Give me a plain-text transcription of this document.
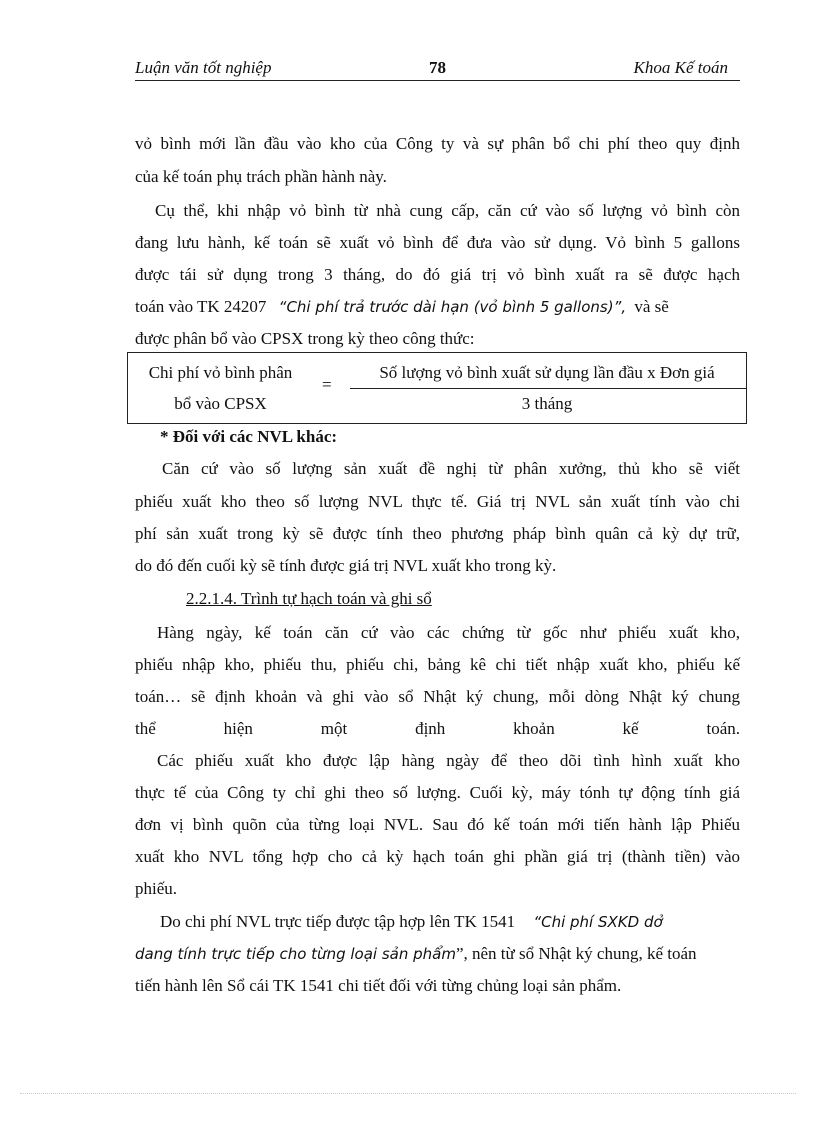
Luận văn tốt nghiệp	78	Khoa Kế toán
vỏ bình mới lần đầu vào kho của Công ty và sự phân bổ chi phí theo quy định
của kế toán phụ trách phần hành này.
Cụ thể, khi nhập vỏ bình từ nhà cung cấp, căn cứ vào số lượng vỏ bình còn
đang lưu hành, kế toán sẽ xuất vỏ bình để đưa vào sử dụng. Vỏ bình 5 gallons
được tái sử dụng trong 3 tháng, do đó giá trị vỏ bình xuất ra sẽ được hạch
toán vào TK 24207 “Chi phí trả trước dài hạn (vỏ bình 5 gallons)”, và sẽ
được phân bổ vào CPSX trong kỳ theo công thức:
Chi phí vỏ bình phân
bổ vào CPSX
=
Số lượng vỏ bình xuất sử dụng lần đầu x Đơn giá
3 tháng
* Đối với các NVL khác:
Căn cứ vào số lượng sản xuất đề nghị từ phân xưởng, thủ kho sẽ viết
phiếu xuất kho theo số lượng NVL thực tế. Giá trị NVL sản xuất tính vào chi
phí sản xuất trong kỳ sẽ được tính theo phương pháp bình quân cả kỳ dự trữ,
do đó đến cuối kỳ sẽ tính được giá trị NVL xuất kho trong kỳ.
2.2.1.4. Trình tự hạch toán và ghi sổ
Hàng ngày, kế toán căn cứ vào các chứng từ gốc như phiếu xuất kho,
phiếu nhập kho, phiếu thu, phiếu chi, bảng kê chi tiết nhập xuất kho, phiếu kế
toán… sẽ định khoản và ghi vào sổ Nhật ký chung, mỗi dòng Nhật ký chung
thể hiện một định khoản kế toán.
Các phiếu xuất kho được lập hàng ngày để theo dõi tình hình xuất kho
thực tế của Công ty chỉ ghi theo số lượng. Cuối kỳ, máy tónh tự động tính giá
đơn vị bình quõn của từng loại NVL. Sau đó kế toán mới tiến hành lập Phiếu
xuất kho NVL tổng hợp cho cả kỳ hạch toán ghi phần giá trị (thành tiền) vào
phiếu.
Do chi phí NVL trực tiếp được tập hợp lên TK 1541 “Chi phí SXKD dở
dang tính trực tiếp cho từng loại sản phẩm”, nên từ sổ Nhật ký chung, kế toán
tiến hành lên Sổ cái TK 1541 chi tiết đối với từng chủng loại sản phẩm.
